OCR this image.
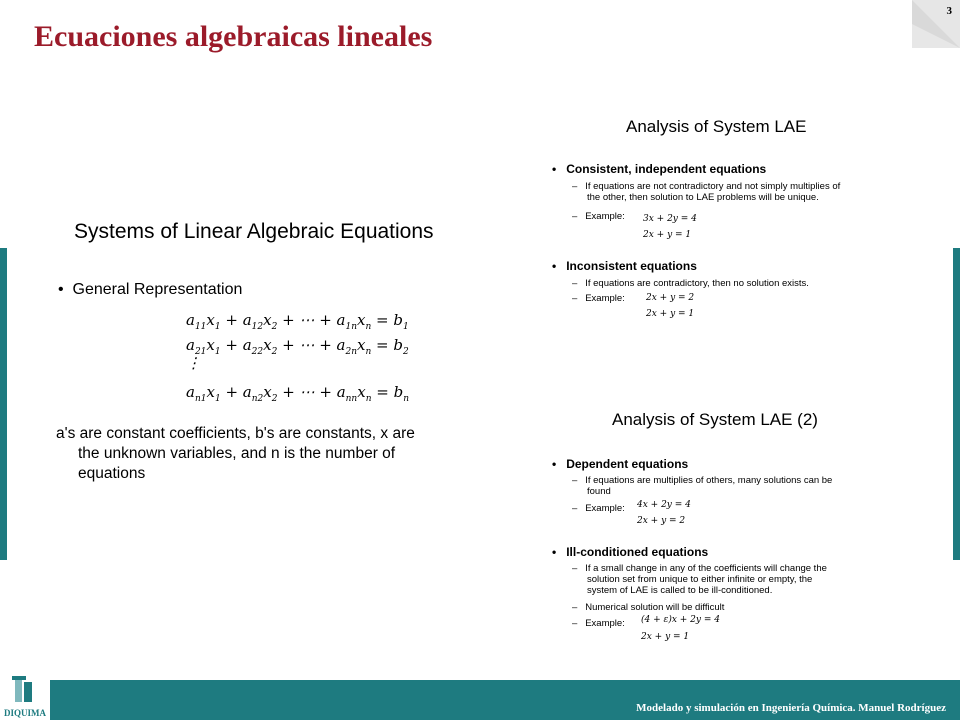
Ecuaciones algebraicas lineales
3
Systems of Linear Algebraic Equations
•  General Representation
$a_{11}x_1 + a_{12}x_2$ + ⋯ + $a_{1n}x_n = b_1$
$a_{21}x_1 + a_{22}x_2$ + ⋯ + $a_{2n}x_n = b_2$
⋮
$a_{n1}x_1 + a_{n2}x_2$ + ⋯ + $a_{nn}x_n = b_n$
a's are constant coefficients, b's are constants, x are
the unknown variables, and n is the number of
equations
Analysis of System LAE
•   Consistent, independent equations
–   If equations are not contradictory and not simply multiplies of
the other, then solution to LAE problems will be unique.
–   Example: 3x + 2y = 4
2x + y = 1
•   Inconsistent equations
–   If equations are contradictory, then no solution exists.
–   Example: 2x + y = 2
2x + y = 1
Analysis of System LAE (2)
•   Dependent equations
–   If equations are multiplies of others, many solutions can be
found
–   Example: 4x + 2y = 4
2x + y = 2
•   Ill-conditioned equations
–   If a small change in any of the coefficients will change the
solution set from unique to either infinite or empty, the
system of LAE is called to be ill-conditioned.
–   Numerical solution will be difficult
–   Example: (4 + ε)x + 2y = 4
2x + y = 1
DIQUIMA	Modelado y simulación en Ingeniería Química. Manuel Rodríguez
